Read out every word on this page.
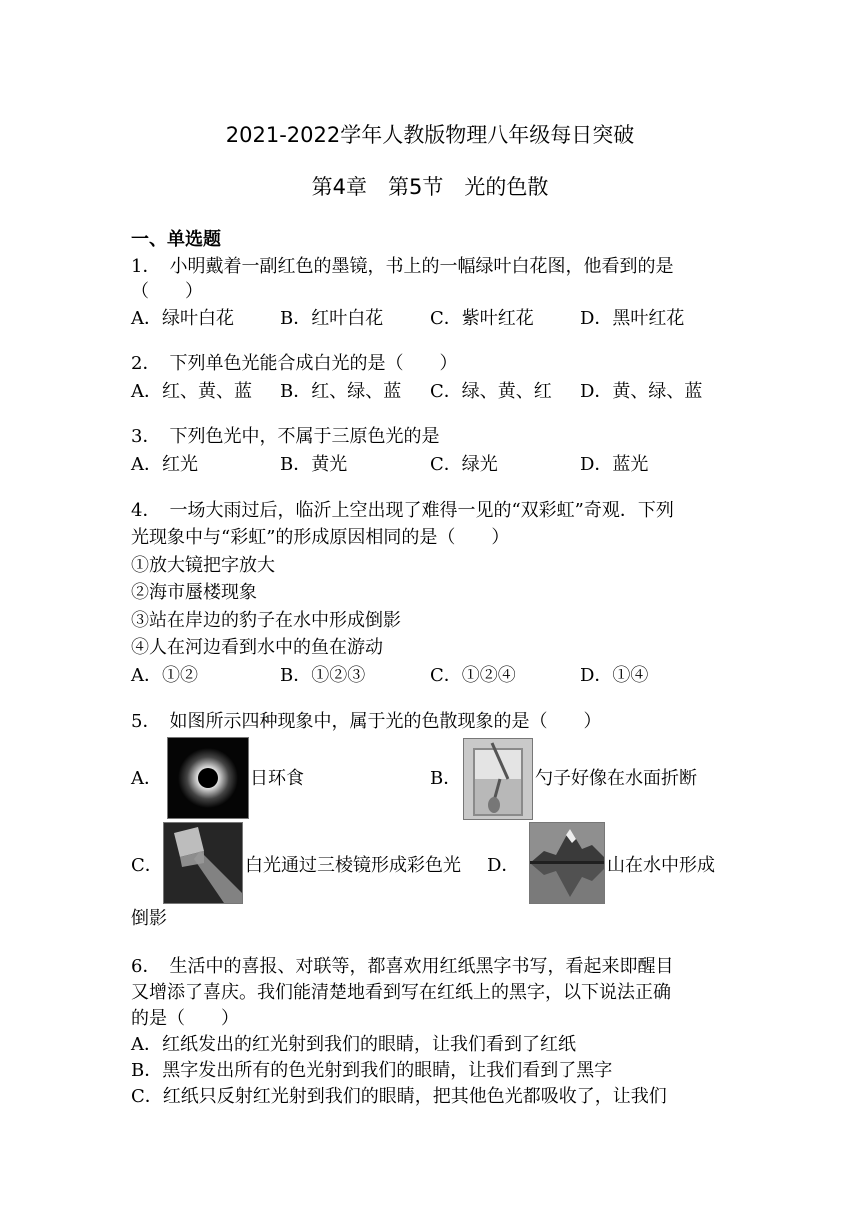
2021-2022学年人教版物理八年级每日突破
第4章　第5节　光的色散
一、单选题
1．　小明戴着一副红色的墨镜，书上的一幅绿叶白花图，他看到的是
（　　）
A．绿叶白花	B．红叶白花	C．紫叶红花	D．黑叶红花
2．　下列单色光能合成白光的是（　　）
A．红、黄、蓝 B．红、绿、蓝 C．绿、黄、红 D．黄、绿、蓝
3．　下列色光中，不属于三原色光的是
A．红光	B．黄光	C．绿光	D．蓝光
4．　一场大雨过后，临沂上空出现了难得一见的“双彩虹”奇观．下列
光现象中与“彩虹”的形成原因相同的是（　　）
①放大镜把字放大
②海市蜃楼现象
③站在岸边的豹子在水中形成倒影
④人在河边看到水中的鱼在游动
A．①②	B．①②③	C．①②④	D．①④
5．　如图所示四种现象中，属于光的色散现象的是（　　）
A．	日环食	B．	勺子好像在水面折断
C．	白光通过三棱镜形成彩色光 D．	山在水中形成
倒影
6．　生活中的喜报、对联等，都喜欢用红纸黑字书写，看起来即醒目
又增添了喜庆。我们能清楚地看到写在红纸上的黑字，以下说法正确
的是（　　）
A．红纸发出的红光射到我们的眼睛，让我们看到了红纸
B．黑字发出所有的色光射到我们的眼睛，让我们看到了黑字
C．红纸只反射红光射到我们的眼睛，把其他色光都吸收了，让我们
